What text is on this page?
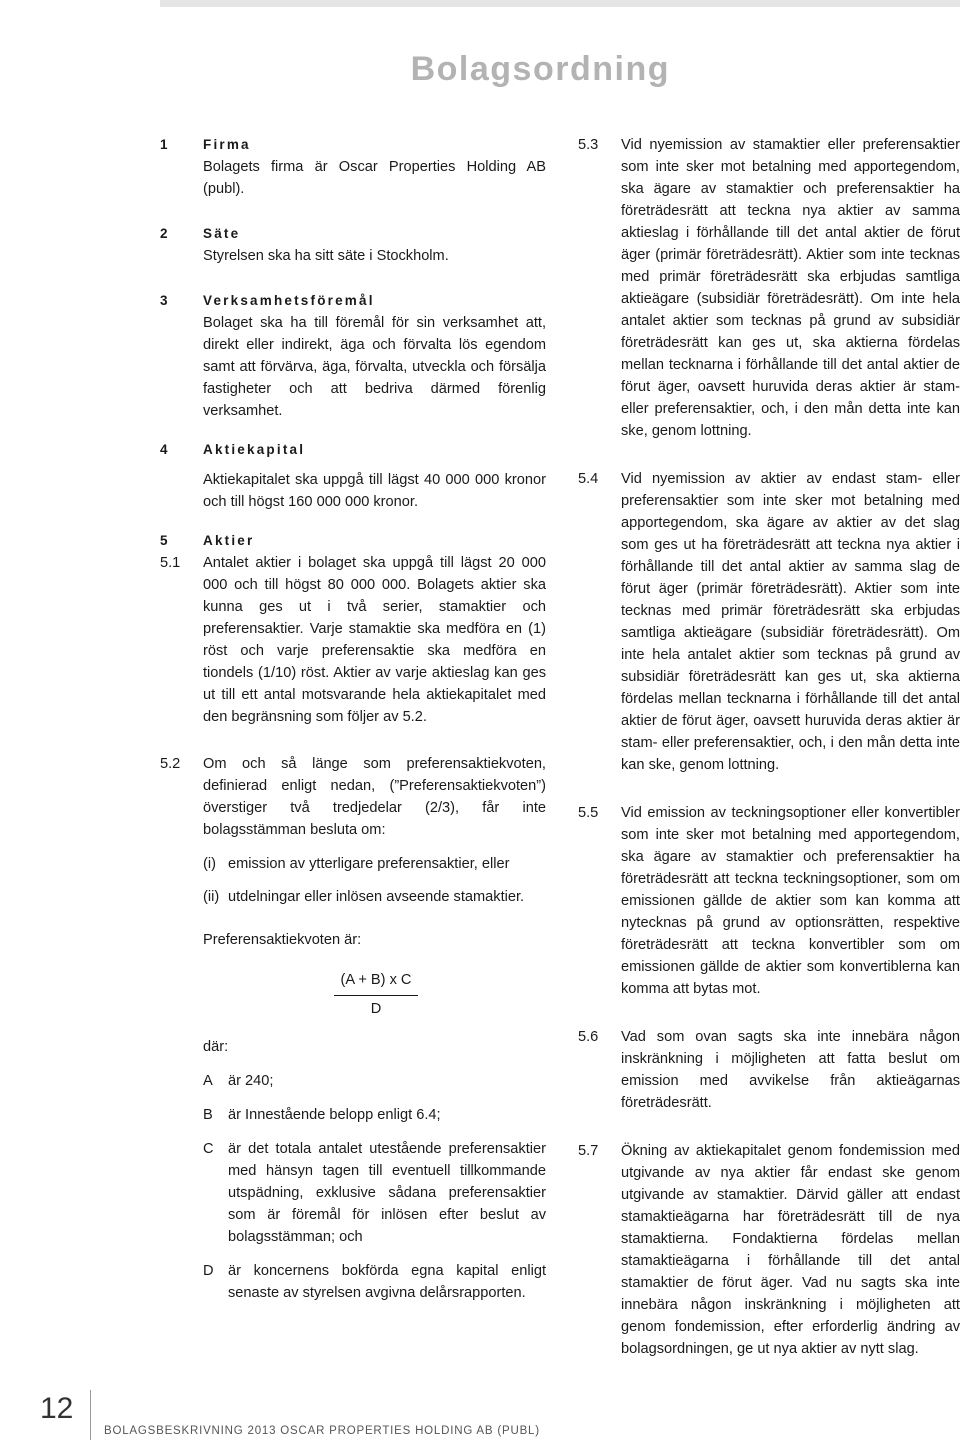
Bolagsordning
1	Firma
Bolagets firma är Oscar Properties Holding AB (publ).
2	Säte
Styrelsen ska ha sitt säte i Stockholm.
3	Verksamhetsföremål
Bolaget ska ha till föremål för sin verksamhet att, direkt eller indirekt, äga och förvalta lös egendom samt att förvärva, äga, förvalta, utveckla och försälja fastigheter och att bedriva därmed förenlig verksamhet.
4	Aktiekapital
Aktiekapitalet ska uppgå till lägst 40 000 000 kronor och till högst 160 000 000 kronor.
5	Aktier
5.1	Antalet aktier i bolaget ska uppgå till lägst 20 000 000 och till högst 80 000 000. Bolagets aktier ska kunna ges ut i två serier, stamaktier och preferensaktier. Varje stamaktie ska medföra en (1) röst och varje preferensaktie ska medföra en tiondels (1/10) röst. Aktier av varje aktieslag kan ges ut till ett antal motsvarande hela aktiekapitalet med den begränsning som följer av 5.2.
5.2	Om och så länge som preferensaktiekvoten, definierad enligt nedan, (”Preferensaktiekvoten”) överstiger två tredjedelar (2/3), får inte bolagsstämman besluta om:
(i) emission av ytterligare preferensaktier, eller
(ii) utdelningar eller inlösen avseende stamaktier.
Preferensaktiekvoten är:
(A + B) x C
D
där:
A	är 240;
B	är Innestående belopp enligt 6.4;
C är det totala antalet utestående preferensaktier med hänsyn tagen till eventuell tillkommande utspädning, exklusive sådana preferensaktier som är föremål för inlösen efter beslut av bolagsstämman; och
D är koncernens bokförda egna kapital enligt senaste av styrelsen avgivna delårsrapporten.
5.3	Vid nyemission av stamaktier eller preferensaktier som inte sker mot betalning med apportegendom, ska ägare av stamaktier och preferensaktier ha företrädesrätt att teckna nya aktier av samma aktieslag i förhållande till det antal aktier de förut äger (primär företrädesrätt). Aktier som inte tecknas med primär företrädesrätt ska erbjudas samtliga aktieägare (subsidiär företrädesrätt). Om inte hela antalet aktier som tecknas på grund av subsidiär företrädesrätt kan ges ut, ska aktierna fördelas mellan tecknarna i förhållande till det antal aktier de förut äger, oavsett huruvida deras aktier är stam- eller preferensaktier, och, i den mån detta inte kan ske, genom lottning.
5.4	Vid nyemission av aktier av endast stam- eller preferensaktier som inte sker mot betalning med apportegendom, ska ägare av aktier av det slag som ges ut ha företrädesrätt att teckna nya aktier i förhållande till det antal aktier av samma slag de förut äger (primär företrädesrätt). Aktier som inte tecknas med primär företrädesrätt ska erbjudas samtliga aktieägare (subsidiär företrädesrätt). Om inte hela antalet aktier som tecknas på grund av subsidiär företrädesrätt kan ges ut, ska aktierna fördelas mellan tecknarna i förhållande till det antal aktier de förut äger, oavsett huruvida deras aktier är stam- eller preferensaktier, och, i den mån detta inte kan ske, genom lottning.
5.5	Vid emission av teckningsoptioner eller konvertibler som inte sker mot betalning med apportegendom, ska ägare av stamaktier och preferensaktier ha företrädesrätt att teckna teckningsoptioner, som om emissionen gällde de aktier som kan komma att nytecknas på grund av optionsrätten, respektive företrädesrätt att teckna konvertibler som om emissionen gällde de aktier som konvertiblerna kan komma att bytas mot.
5.6	Vad som ovan sagts ska inte innebära någon inskränkning i möjligheten att fatta beslut om emission med avvikelse från aktieägarnas företrädesrätt.
5.7	Ökning av aktiekapitalet genom fondemission med utgivande av nya aktier får endast ske genom utgivande av stamaktier. Därvid gäller att endast stamaktieägarna har företrädesrätt till de nya stamaktierna. Fondaktierna fördelas mellan stamaktieägarna i förhållande till det antal stamaktier de förut äger. Vad nu sagts ska inte innebära någon inskränkning i möjligheten att genom fondemission, efter erforderlig ändring av bolagsordningen, ge ut nya aktier av nytt slag.
12
BOLAGSBESKRIVNING 2013 OSCAR PROPERTIES HOLDING AB (PUBL)
